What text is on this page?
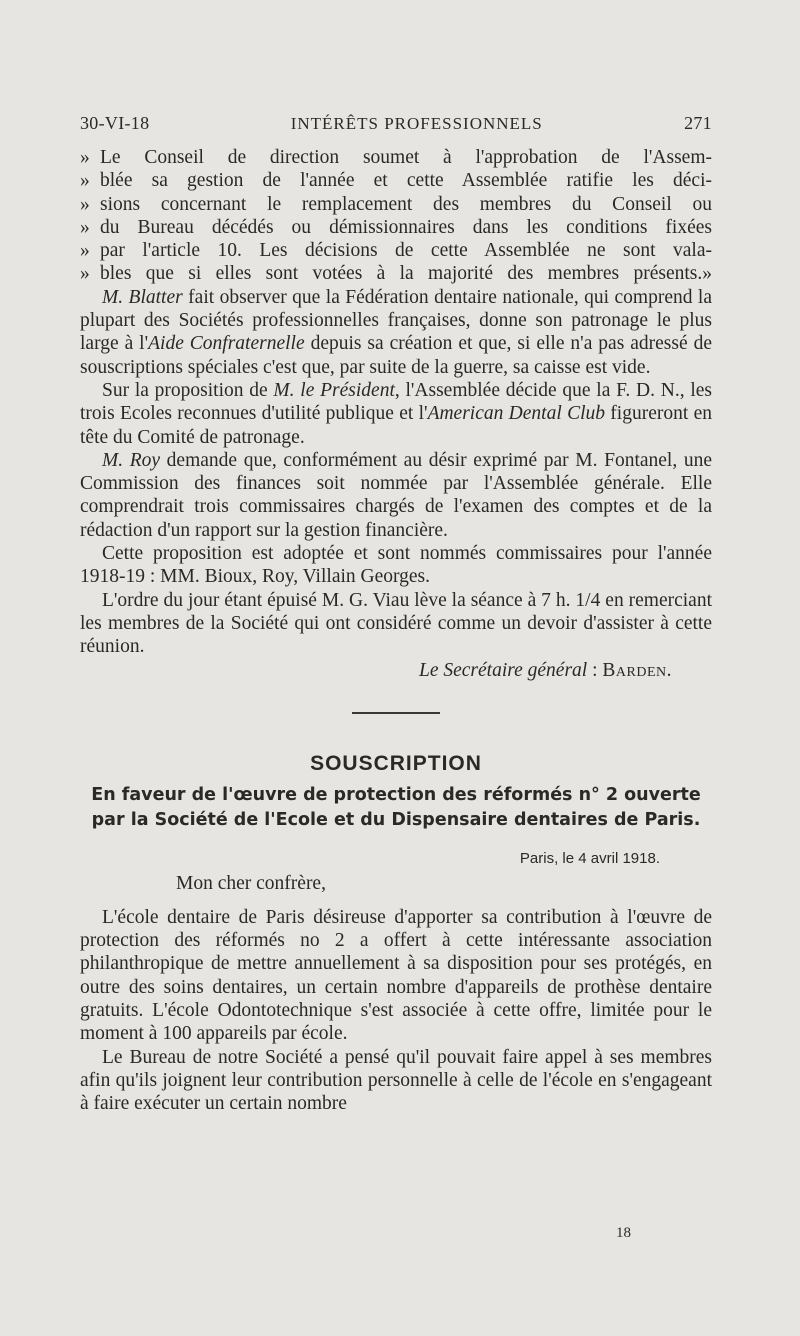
30-VI-18	INTÉRÊTS PROFESSIONNELS	271
» Le Conseil de direction soumet à l'approbation de l'Assem-
» blée sa gestion de l'année et cette Assemblée ratifie les déci-
» sions concernant le remplacement des membres du Conseil ou
» du Bureau décédés ou démissionnaires dans les conditions fixées
» par l'article 10. Les décisions de cette Assemblée ne sont vala-
» bles que si elles sont votées à la majorité des membres présents.»

M. Blatter fait observer que la Fédération dentaire nationale, qui comprend la plupart des Sociétés professionnelles françaises, donne son patronage le plus large à l'Aide Confraternelle depuis sa création et que, si elle n'a pas adressé de souscriptions spéciales c'est que, par suite de la guerre, sa caisse est vide.

Sur la proposition de M. le Président, l'Assemblée décide que la F. D. N., les trois Ecoles reconnues d'utilité publique et l'American Dental Club figureront en tête du Comité de patronage.

M. Roy demande que, conformément au désir exprimé par M. Fontanel, une Commission des finances soit nommée par l'Assemblée générale. Elle comprendrait trois commissaires chargés de l'examen des comptes et de la rédaction d'un rapport sur la gestion financière.

Cette proposition est adoptée et sont nommés commissaires pour l'année 1918-19 : MM. Bioux, Roy, Villain Georges.

L'ordre du jour étant épuisé M. G. Viau lève la séance à 7 h. 1/4 en remerciant les membres de la Société qui ont considéré comme un devoir d'assister à cette réunion.

Le Secrétaire général : Barden.
SOUSCRIPTION
En faveur de l'œuvre de protection des réformés n° 2 ouverte
par la Société de l'Ecole et du Dispensaire dentaires de Paris.
Paris, le 4 avril 1918.
Mon cher confrère,

L'école dentaire de Paris désireuse d'apporter sa contribution à l'œuvre de protection des réformés no 2 a offert à cette intéressante association philanthropique de mettre annuellement à sa disposition pour ses protégés, en outre des soins dentaires, un certain nombre d'appareils de prothèse dentaire gratuits. L'école Odontotechnique s'est associée à cette offre, limitée pour le moment à 100 appareils par école.

Le Bureau de notre Société a pensé qu'il pouvait faire appel à ses membres afin qu'ils joignent leur contribution personnelle à celle de l'école en s'engageant à faire exécuter un certain nombre

18
